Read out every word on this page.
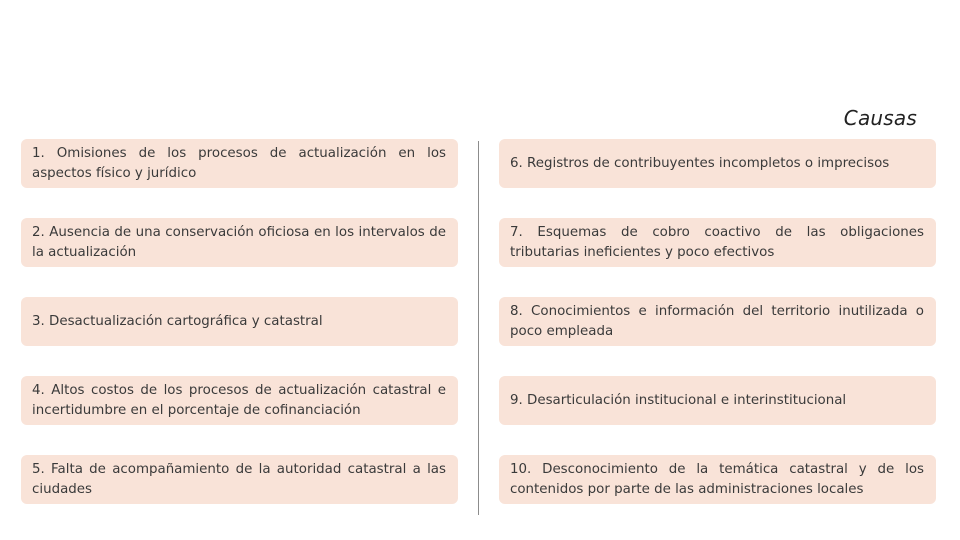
Causas
1. Omisiones de los procesos de actualización en los aspectos físico y jurídico
2. Ausencia de una conservación oficiosa en los intervalos de la actualización
3. Desactualización cartográfica y catastral
4. Altos costos de los procesos de actualización catastral e incertidumbre en el porcentaje de cofinanciación
5. Falta de acompañamiento de la autoridad catastral a las ciudades
6. Registros de contribuyentes incompletos o imprecisos
7. Esquemas de cobro coactivo de las obligaciones tributarias ineficientes y poco efectivos
8. Conocimientos e información del territorio inutilizada o poco empleada
9. Desarticulación institucional e interinstitucional
10. Desconocimiento de la temática catastral y de los contenidos por parte de las administraciones locales
